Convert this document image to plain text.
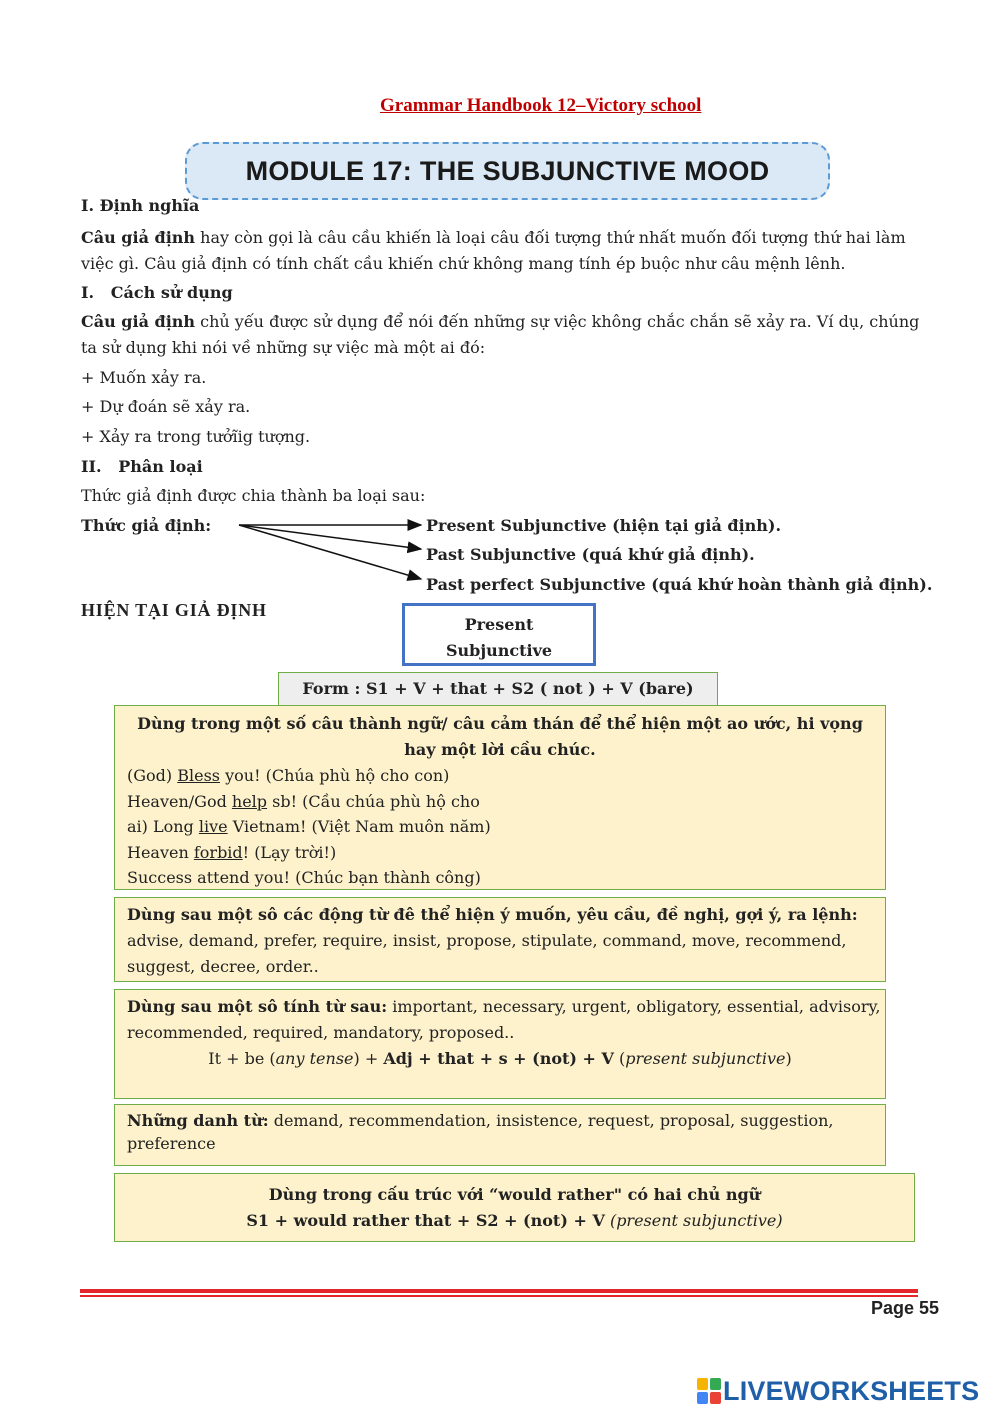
Grammar Handbook 12–Victory school
MODULE 17: THE SUBJUNCTIVE MOOD
I. Định nghĩa
Câu giả định hay còn gọi là câu cầu khiến là loại câu đối tượng thứ nhất muốn đối tượng thứ hai làm
việc gì. Câu giả định có tính chất cầu khiến chứ không mang tính ép buộc như câu mệnh lênh.
I. Cách sử dụng
Câu giả định chủ yếu được sử dụng để nói đến những sự việc không chắc chắn sẽ xảy ra. Ví dụ, chúng
ta sử dụng khi nói về những sự việc mà một ai đó:
+ Muốn xảy ra.
+ Dự đoán sẽ xảy ra.
+ Xảy ra trong tưởĩig tượng.
II. Phân loại
Thức giả định được chia thành ba loại sau:
Thức giả định:	Present Subjunctive (hiện tại giả định).
Past Subjunctive (quá khứ giả định).
Past perfect Subjunctive (quá khứ hoàn thành giả định).
HIỆN TẠI GIẢ ĐỊNH
Present
Subjunctive
Form : S1 + V + that + S2 ( not ) + V (bare)
Dùng trong một số câu thành ngữ/ câu cảm thán để thể hiện một ao ước, hi vọng
hay một lời cầu chúc.
(God) Bless you! (Chúa phù hộ cho con)
Heaven/God help sb! (Cầu chúa phù hộ cho
ai) Long live Vietnam! (Việt Nam muôn năm)
Heaven forbid! (Lạy trời!)
Success attend you! (Chúc bạn thành công)
Dùng sau một sô các động từ đê thể hiện ý muốn, yêu cầu, đề nghị, gợi ý, ra lệnh:
advise, demand, prefer, require, insist, propose, stipulate, command, move, recommend,
suggest, decree, order..
Dùng sau một sô tính từ sau: important, necessary, urgent, obligatory, essential, advisory,
recommended, required, mandatory, proposed..
It + be (any tense) + Adj + that + s + (not) + V (present subjunctive)
Những danh từ: demand, recommendation, insistence, request, proposal, suggestion,
preference
Dùng trong cấu trúc với “would rather" có hai chủ ngữ
S1 + would rather that + S2 + (not) + V (present subjunctive)
Page 55
LIVEWORKSHEETS
